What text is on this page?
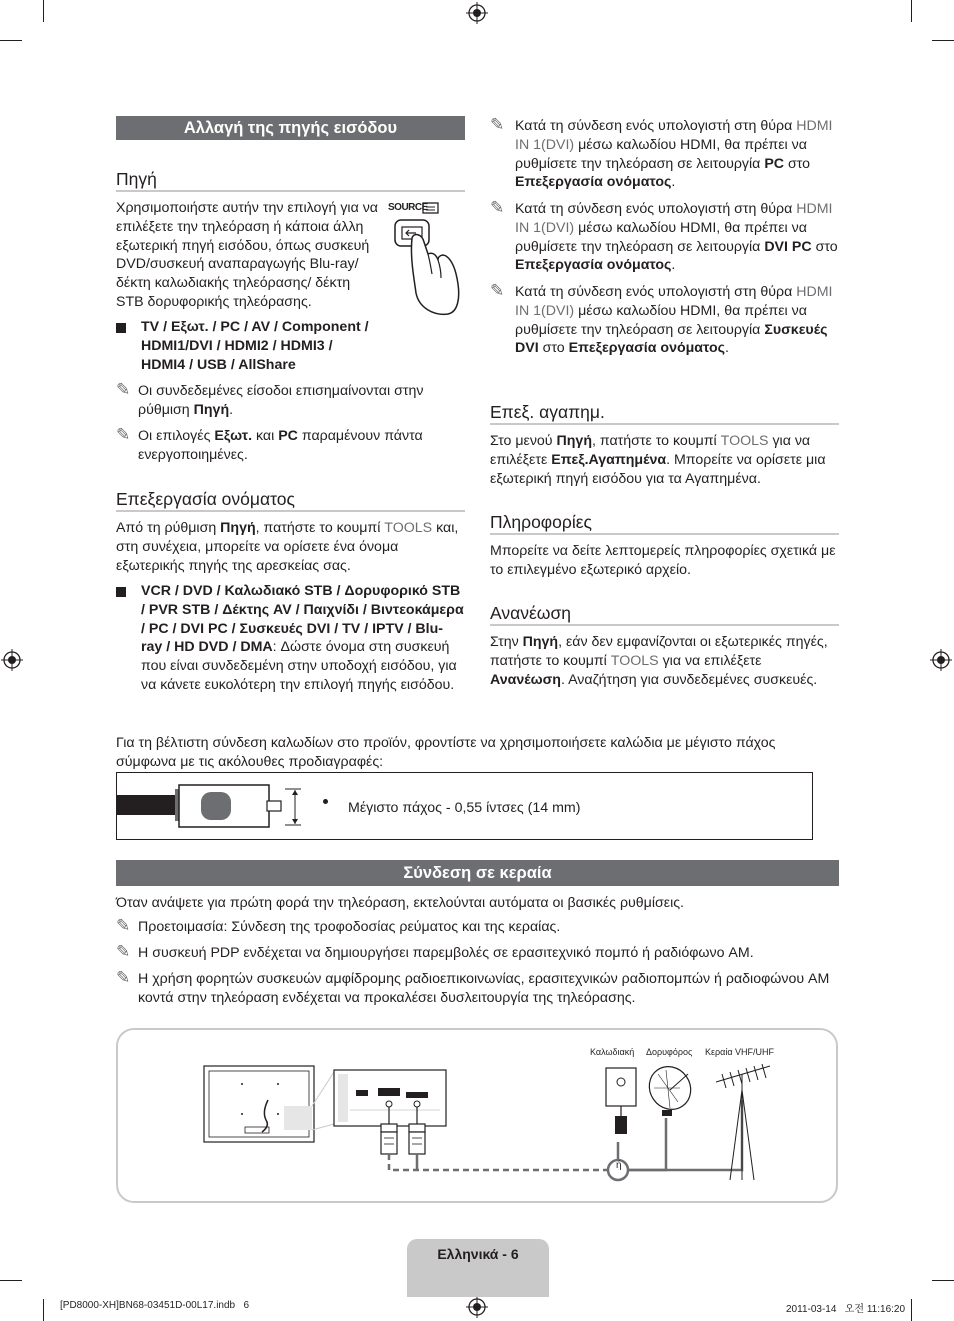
Αλλαγή της πηγής εισόδου
Πηγή

Χρησιμοποιήστε αυτήν την επιλογή για να επιλέξετε την τηλεόραση ή κάποια άλλη εξωτερική πηγή εισόδου, όπως συσκευή DVD/συσκευή αναπαραγωγής Blu-ray/δέκτη καλωδιακής τηλεόρασης/ δέκτη STB δορυφορικής τηλεόρασης.

SOURCE
TV / Εξωτ. / PC / AV / Component / HDMI1/DVI / HDMI2 / HDMI3 / HDMI4 / USB / AllShare
✎ Οι συνδεδεμένες είσοδοι επισημαίνονται στην ρύθμιση Πηγή.
✎ Οι επιλογές Εξωτ. και PC παραμένουν πάντα ενεργοποιημένες.
Επεξεργασία ονόματος

Από τη ρύθμιση Πηγή, πατήστε το κουμπί TOOLS και, στη συνέχεια, μπορείτε να ορίσετε ένα όνομα εξωτερικής πηγής της αρεσκείας σας.

VCR / DVD / Καλωδιακό STB / Δορυφορικό STB / PVR STB / Δέκτης AV / Παιχνίδι / Βιντεοκάμερα / PC / DVI PC / Συσκευές DVI / TV / IPTV / Blu- ray / HD DVD / DMA: Δώστε όνομα στη συσκευή που είναι συνδεδεμένη στην υποδοχή εισόδου, για να κάνετε ευκολότερη την επιλογή πηγής εισόδου.
✎ Κατά τη σύνδεση ενός υπολογιστή στη θύρα HDMI IN 1(DVI) μέσω καλωδίου HDMI, θα πρέπει να ρυθμίσετε την τηλεόραση σε λειτουργία PC στο Επεξεργασία ονόματος.
✎ Κατά τη σύνδεση ενός υπολογιστή στη θύρα HDMI IN 1(DVI) μέσω καλωδίου HDMI, θα πρέπει να ρυθμίσετε την τηλεόραση σε λειτουργία DVI PC στο Επεξεργασία ονόματος.
✎ Κατά τη σύνδεση ενός υπολογιστή στη θύρα HDMI IN 1(DVI) μέσω καλωδίου HDMI, θα πρέπει να ρυθμίσετε την τηλεόραση σε λειτουργία Συσκευές DVI στο Επεξεργασία ονόματος.
Επεξ. αγαπημ.

Στο μενού Πηγή, πατήστε το κουμπί TOOLS για να επιλέξετε Επεξ.Αγαπημένα. Μπορείτε να ορίσετε μια εξωτερική πηγή εισόδου για τα Αγαπημένα.

Πληροφορίες

Μπορείτε να δείτε λεπτομερείς πληροφορίες σχετικά με το επιλεγμένο εξωτερικό αρχείο.

Ανανέωση

Στην Πηγή, εάν δεν εμφανίζονται οι εξωτερικές πηγές, πατήστε το κουμπί TOOLS για να επιλέξετε Ανανέωση. Αναζήτηση για συνδεδεμένες συσκευές.

Για τη βέλτιστη σύνδεση καλωδίων στο προϊόν, φροντίστε να χρησιμοποιήσετε καλώδια με μέγιστο πάχος σύμφωνα με τις ακόλουθες προδιαγραφές:

Μέγιστο πάχος - 0,55 ίντσες (14 mm)
Σύνδεση σε κεραία

Όταν ανάψετε για πρώτη φορά την τηλεόραση, εκτελούνται αυτόματα οι βασικές ρυθμίσεις.

✎ Προετοιμασία: Σύνδεση της τροφοδοσίας ρεύματος και της κεραίας.
✎ Η συσκευή PDP ενδέχεται να δημιουργήσει παρεμβολές σε ερασιτεχνικό πομπό ή ραδιόφωνο AM.
✎ Η χρήση φορητών συσκευών αμφίδρομης ραδιοεπικοινωνίας, ερασιτεχνικών ραδιοπομπών ή ραδιοφώνου AM κοντά στην τηλεόραση ενδέχεται να προκαλέσει δυσλειτουργία της τηλεόρασης.
Καλωδιακή Δορυφόρος Κεραία VHF/UHF
ή
Ελληνικά - 6
[PD8000-XH]BN68-03451D-00L17.indb   6	2011-03-14   오전 11:16:20
